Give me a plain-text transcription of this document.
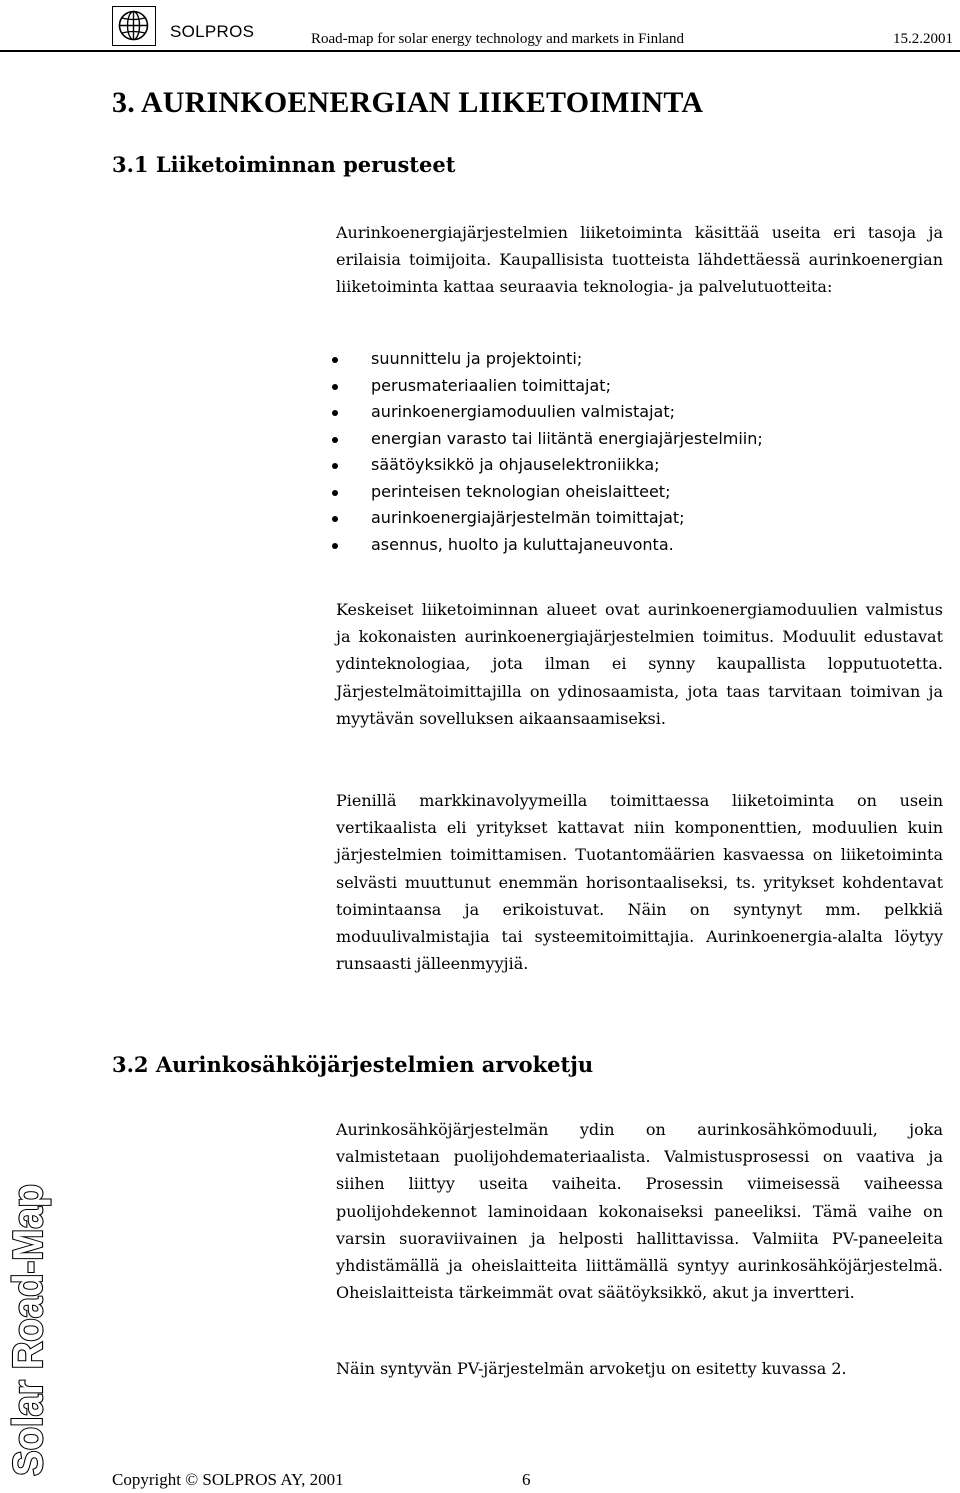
SOLPROS	Road-map for solar energy technology and markets in Finland	15.2.2001
3. AURINKOENERGIAN LIIKETOIMINTA
3.1 Liiketoiminnan perusteet
Aurinkoenergiajärjestelmien liiketoiminta käsittää useita eri tasoja ja erilaisia toimijoita. Kaupallisista tuotteista lähdettäessä aurinkoenergian liiketoiminta kattaa seuraavia teknologia- ja palvelutuotteita:
suunnittelu ja projektointi;
perusmateriaalien toimittajat;
aurinkoenergiamoduulien valmistajat;
energian varasto tai liitäntä energiajärjestelmiin;
säätöyksikkö ja ohjauselektroniikka;
perinteisen teknologian oheislaitteet;
aurinkoenergiajärjestelmän toimittajat;
asennus, huolto ja kuluttajaneuvonta.
Keskeiset liiketoiminnan alueet ovat aurinkoenergiamoduulien valmistus ja kokonaisten aurinkoenergiajärjestelmien toimitus. Moduulit edustavat ydinteknologiaa, jota ilman ei synny kaupallista lopputuotetta. Järjestelmätoimittajilla on ydinosaamista, jota taas tarvitaan toimivan ja myytävän sovelluksen aikaansaamiseksi.
Pienillä markkinavolyymeilla toimittaessa liiketoiminta on usein vertikaalista eli yritykset kattavat niin komponenttien, moduulien kuin järjestelmien toimittamisen. Tuotantomäärien kasvaessa on liiketoiminta selvästi muuttunut enemmän horisontaaliseksi, ts. yritykset kohdentavat toimintaansa ja erikoistuvat. Näin on syntynyt mm. pelkkiä moduulivalmistajia tai systeemitoimittajia. Aurinkoenergia-alalta löytyy runsaasti jälleenmyyjiä.
3.2 Aurinkosähköjärjestelmien arvoketju
Aurinkosähköjärjestelmän ydin on aurinkosähkömoduuli, joka valmistetaan puolijohdemateriaalista. Valmistusprosessi on vaativa ja siihen liittyy useita vaiheita. Prosessin viimeisessä vaiheessa puolijohdekennot laminoidaan kokonaiseksi paneeliksi. Tämä vaihe on varsin suoraviivainen ja helposti hallittavissa. Valmiita PV-paneeleita yhdistämällä ja oheislaitteita liittämällä syntyy aurinkosähköjärjestelmä. Oheislaitteista tärkeimmät ovat säätöyksikkö, akut ja invertteri.
Näin syntyvän PV-järjestelmän arvoketju on esitetty kuvassa 2.
Solar Road-Map
Copyright © SOLPROS AY, 2001	6
